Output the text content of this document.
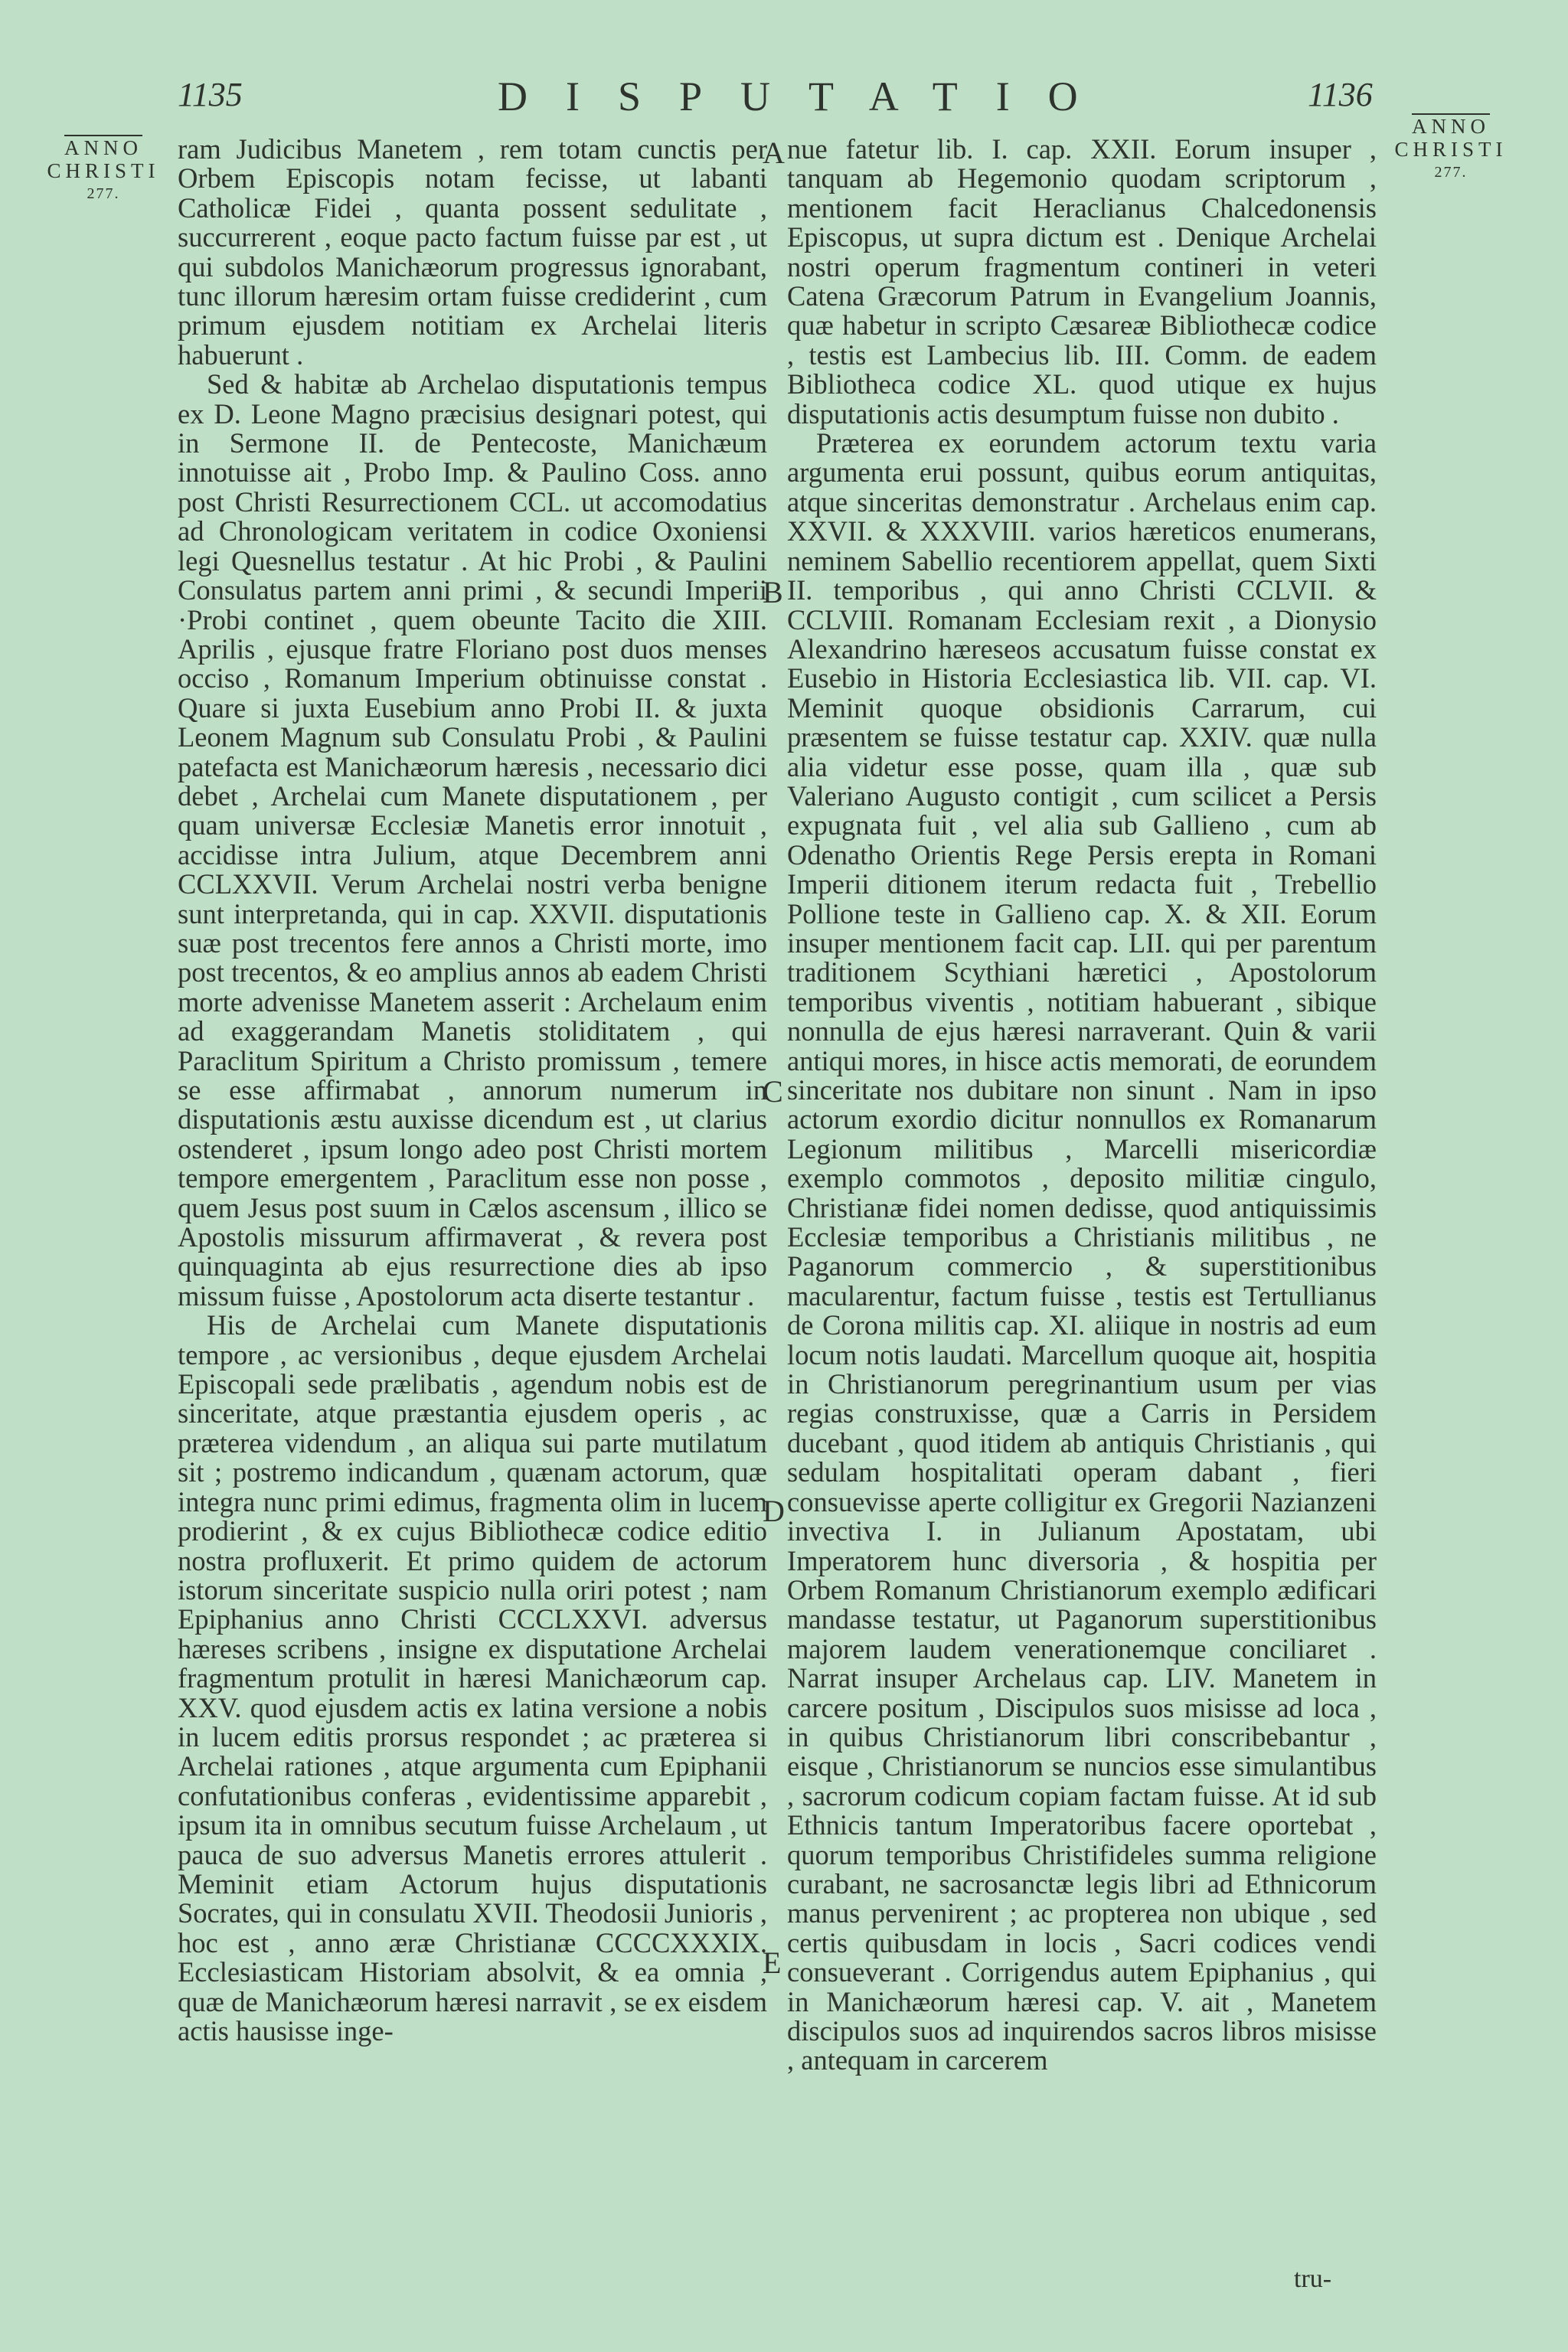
1135	DISPUTATIO	1136
ANNO
CHRISTI
277.
ANNO
CHRISTI
277.

ram Judicibus Manetem , rem totam cunctis per Orbem Episcopis notam fecisse, ut labanti Catholicæ Fidei , quanta possent sedulitate , succurrerent , eoque pacto factum fuisse par est , ut qui subdolos Manichæorum progressus ignorabant, tunc illorum hæresim ortam fuisse crediderint , cum primum ejusdem notitiam ex Archelai literis habuerunt .

Sed & habitæ ab Archelao disputationis tempus ex D. Leone Magno præcisius designari potest, qui in Sermone II. de Pentecoste, Manichæum innotuisse ait , Probo Imp. & Paulino Coss. anno post Christi Resurrectionem CCL. ut accomodatius ad Chronologicam veritatem in codice Oxoniensi legi Quesnellus testatur . At hic Probi , & Paulini Consulatus partem anni primi , & secundi Imperii ·Probi continet , quem obeunte Tacito die XIII. Aprilis , ejusque fratre Floriano post duos menses occiso , Romanum Imperium obtinuisse constat . Quare si juxta Eusebium anno Probi II. & juxta Leonem Magnum sub Consulatu Probi , & Paulini patefacta est Manichæorum hæresis , necessario dici debet , Archelai cum Manete disputationem , per quam universæ Ecclesiæ Manetis error innotuit , accidisse intra Julium, atque Decembrem anni CCLXXVII. Verum Archelai nostri verba benigne sunt interpretanda, qui in cap. XXVII. disputationis suæ post trecentos fere annos a Christi morte, imo post trecentos, & eo amplius annos ab eadem Christi morte advenisse Manetem asserit : Archelaum enim ad exaggerandam Manetis stoliditatem , qui Paraclitum Spiritum a Christo promissum , temere se esse affirmabat , annorum numerum in disputationis æstu auxisse dicendum est , ut clarius ostenderet , ipsum longo adeo post Christi mortem tempore emergentem , Paraclitum esse non posse , quem Jesus post suum in Cælos ascensum , illico se Apostolis missurum affirmaverat , & revera post quinquaginta ab ejus resurrectione dies ab ipso missum fuisse , Apostolorum acta diserte testantur .

His de Archelai cum Manete disputationis tempore , ac versionibus , deque ejusdem Archelai Episcopali sede prælibatis , agendum nobis est de sinceritate, atque præstantia ejusdem operis , ac præterea videndum , an aliqua sui parte mutilatum sit ; postremo indicandum , quænam actorum, quæ integra nunc primi edimus, fragmenta olim in lucem prodierint , & ex cujus Bibliothecæ codice editio nostra profluxerit. Et primo quidem de actorum istorum sinceritate suspicio nulla oriri potest ; nam Epiphanius anno Christi CCCLXXVI. adversus hæreses scribens , insigne ex disputatione Archelai fragmentum protulit in hæresi Manichæorum cap. XXV. quod ejusdem actis ex latina versione a nobis in lucem editis prorsus respondet ; ac præterea si Archelai rationes , atque argumenta cum Epiphanii confutationibus conferas , evidentissime apparebit , ipsum ita in omnibus secutum fuisse Archelaum , ut pauca de suo adversus Manetis errores attulerit . Meminit etiam Actorum hujus disputationis Socrates, qui in consulatu XVII. Theodosii Junioris , hoc est , anno æræ Christianæ CCCCXXXIX. Ecclesiasticam Historiam absolvit, & ea omnia , quæ de Manichæorum hæresi narravit , se ex eisdem actis hausisse inge-

nue fatetur lib. I. cap. XXII. Eorum insuper , tanquam ab Hegemonio quodam scriptorum , mentionem facit Heraclianus Chalcedonensis Episcopus, ut supra dictum est . Denique Archelai nostri operum fragmentum contineri in veteri Catena Græcorum Patrum in Evangelium Joannis, quæ habetur in scripto Cæsareæ Bibliothecæ codice , testis est Lambecius lib. III. Comm. de eadem Bibliotheca codice XL. quod utique ex hujus disputationis actis desumptum fuisse non dubito .

Præterea ex eorundem actorum textu varia argumenta erui possunt, quibus eorum antiquitas, atque sinceritas demonstratur . Archelaus enim cap. XXVII. & XXXVIII. varios hæreticos enumerans, neminem Sabellio recentiorem appellat, quem Sixti II. temporibus , qui anno Christi CCLVII. & CCLVIII. Romanam Ecclesiam rexit , a Dionysio Alexandrino hæreseos accusatum fuisse constat ex Eusebio in Historia Ecclesiastica lib. VII. cap. VI. Meminit quoque obsidionis Carrarum, cui præsentem se fuisse testatur cap. XXIV. quæ nulla alia videtur esse posse, quam illa , quæ sub Valeriano Augusto contigit , cum scilicet a Persis expugnata fuit , vel alia sub Gallieno , cum ab Odenatho Orientis Rege Persis erepta in Romani Imperii ditionem iterum redacta fuit , Trebellio Pollione teste in Gallieno cap. X. & XII. Eorum insuper mentionem facit cap. LII. qui per parentum traditionem Scythiani hæretici , Apostolorum temporibus viventis , notitiam habuerant , sibique nonnulla de ejus hæresi narraverant. Quin & varii antiqui mores, in hisce actis memorati, de eorundem sinceritate nos dubitare non sinunt . Nam in ipso actorum exordio dicitur nonnullos ex Romanarum Legionum militibus , Marcelli misericordiæ exemplo commotos , deposito militiæ cingulo, Christianæ fidei nomen dedisse, quod antiquissimis Ecclesiæ temporibus a Christianis militibus , ne Paganorum commercio , & superstitionibus macularentur, factum fuisse , testis est Tertullianus de Corona militis cap. XI. aliique in nostris ad eum locum notis laudati. Marcellum quoque ait, hospitia in Christianorum peregrinantium usum per vias regias construxisse, quæ a Carris in Persidem ducebant , quod itidem ab antiquis Christianis , qui sedulam hospitalitati operam dabant , fieri consuevisse aperte colligitur ex Gregorii Nazianzeni invectiva I. in Julianum Apostatam, ubi Imperatorem hunc diversoria , & hospitia per Orbem Romanum Christianorum exemplo ædificari mandasse testatur, ut Paganorum superstitionibus majorem laudem venerationemque conciliaret . Narrat insuper Archelaus cap. LIV. Manetem in carcere positum , Discipulos suos misisse ad loca , in quibus Christianorum libri conscribebantur , eisque , Christianorum se nuncios esse simulantibus , sacrorum codicum copiam factam fuisse. At id sub Ethnicis tantum Imperatoribus facere oportebat , quorum temporibus Christifideles summa religione curabant, ne sacrosanctæ legis libri ad Ethnicorum manus pervenirent ; ac propterea non ubique , sed certis quibusdam in locis , Sacri codices vendi consueverant . Corrigendus autem Epiphanius , qui in Manichæorum hæresi cap. V. ait , Manetem discipulos suos ad inquirendos sacros libros misisse , antequam in carcerem

A
B
C
D
E
tru-
